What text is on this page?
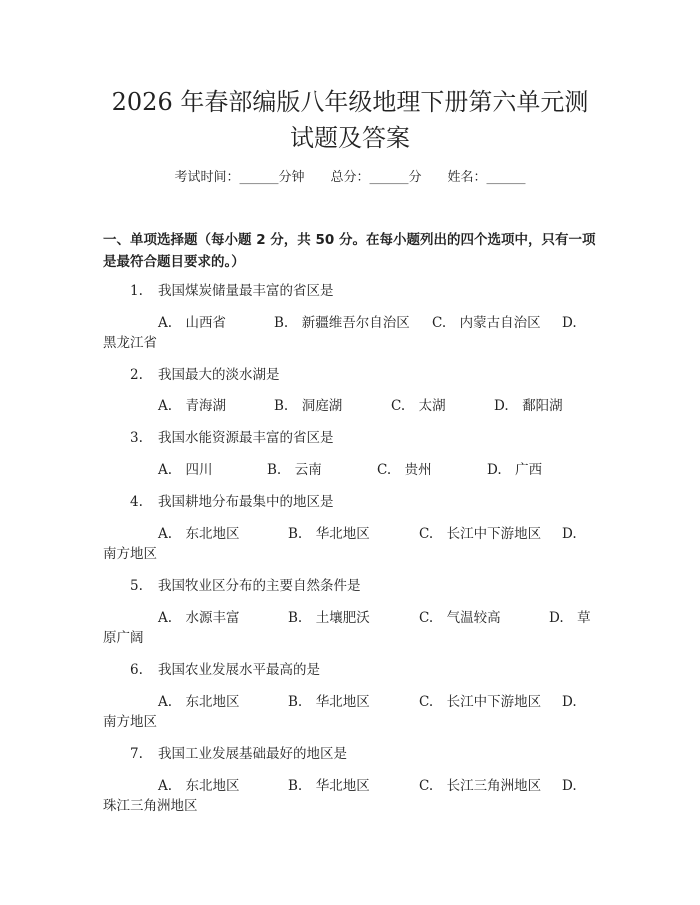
2026 年春部编版八年级地理下册第六单元测
试题及答案
考试时间：______分钟　　 总分：______分　　 姓名：______
一、单项选择题（每小题 2 分，共 50 分。在每小题列出的四个选项中，只有一项
是最符合题目要求的。）
1. 我国煤炭储量最丰富的省区是
A.　山西省	B.　新疆维吾尔自治区 C.　内蒙古自治区 D.
黑龙江省
2. 我国最大的淡水湖是
A.　青海湖	B.　洞庭湖	C.　太湖	D.　鄱阳湖
3. 我国水能资源最丰富的省区是
A.　四川	B.　云南	C.　贵州	D.　广西
4. 我国耕地分布最集中的地区是
A.　东北地区	B.　华北地区	C.　长江中下游地区 D.
南方地区
5. 我国牧业区分布的主要自然条件是
A.　水源丰富	B.　土壤肥沃	C.　气温较高	D.　草
原广阔
6. 我国农业发展水平最高的是
A.　东北地区	B.　华北地区	C.　长江中下游地区 D.
南方地区
7. 我国工业发展基础最好的地区是
A.　东北地区	B.　华北地区	C.　长江三角洲地区 D.
珠江三角洲地区
